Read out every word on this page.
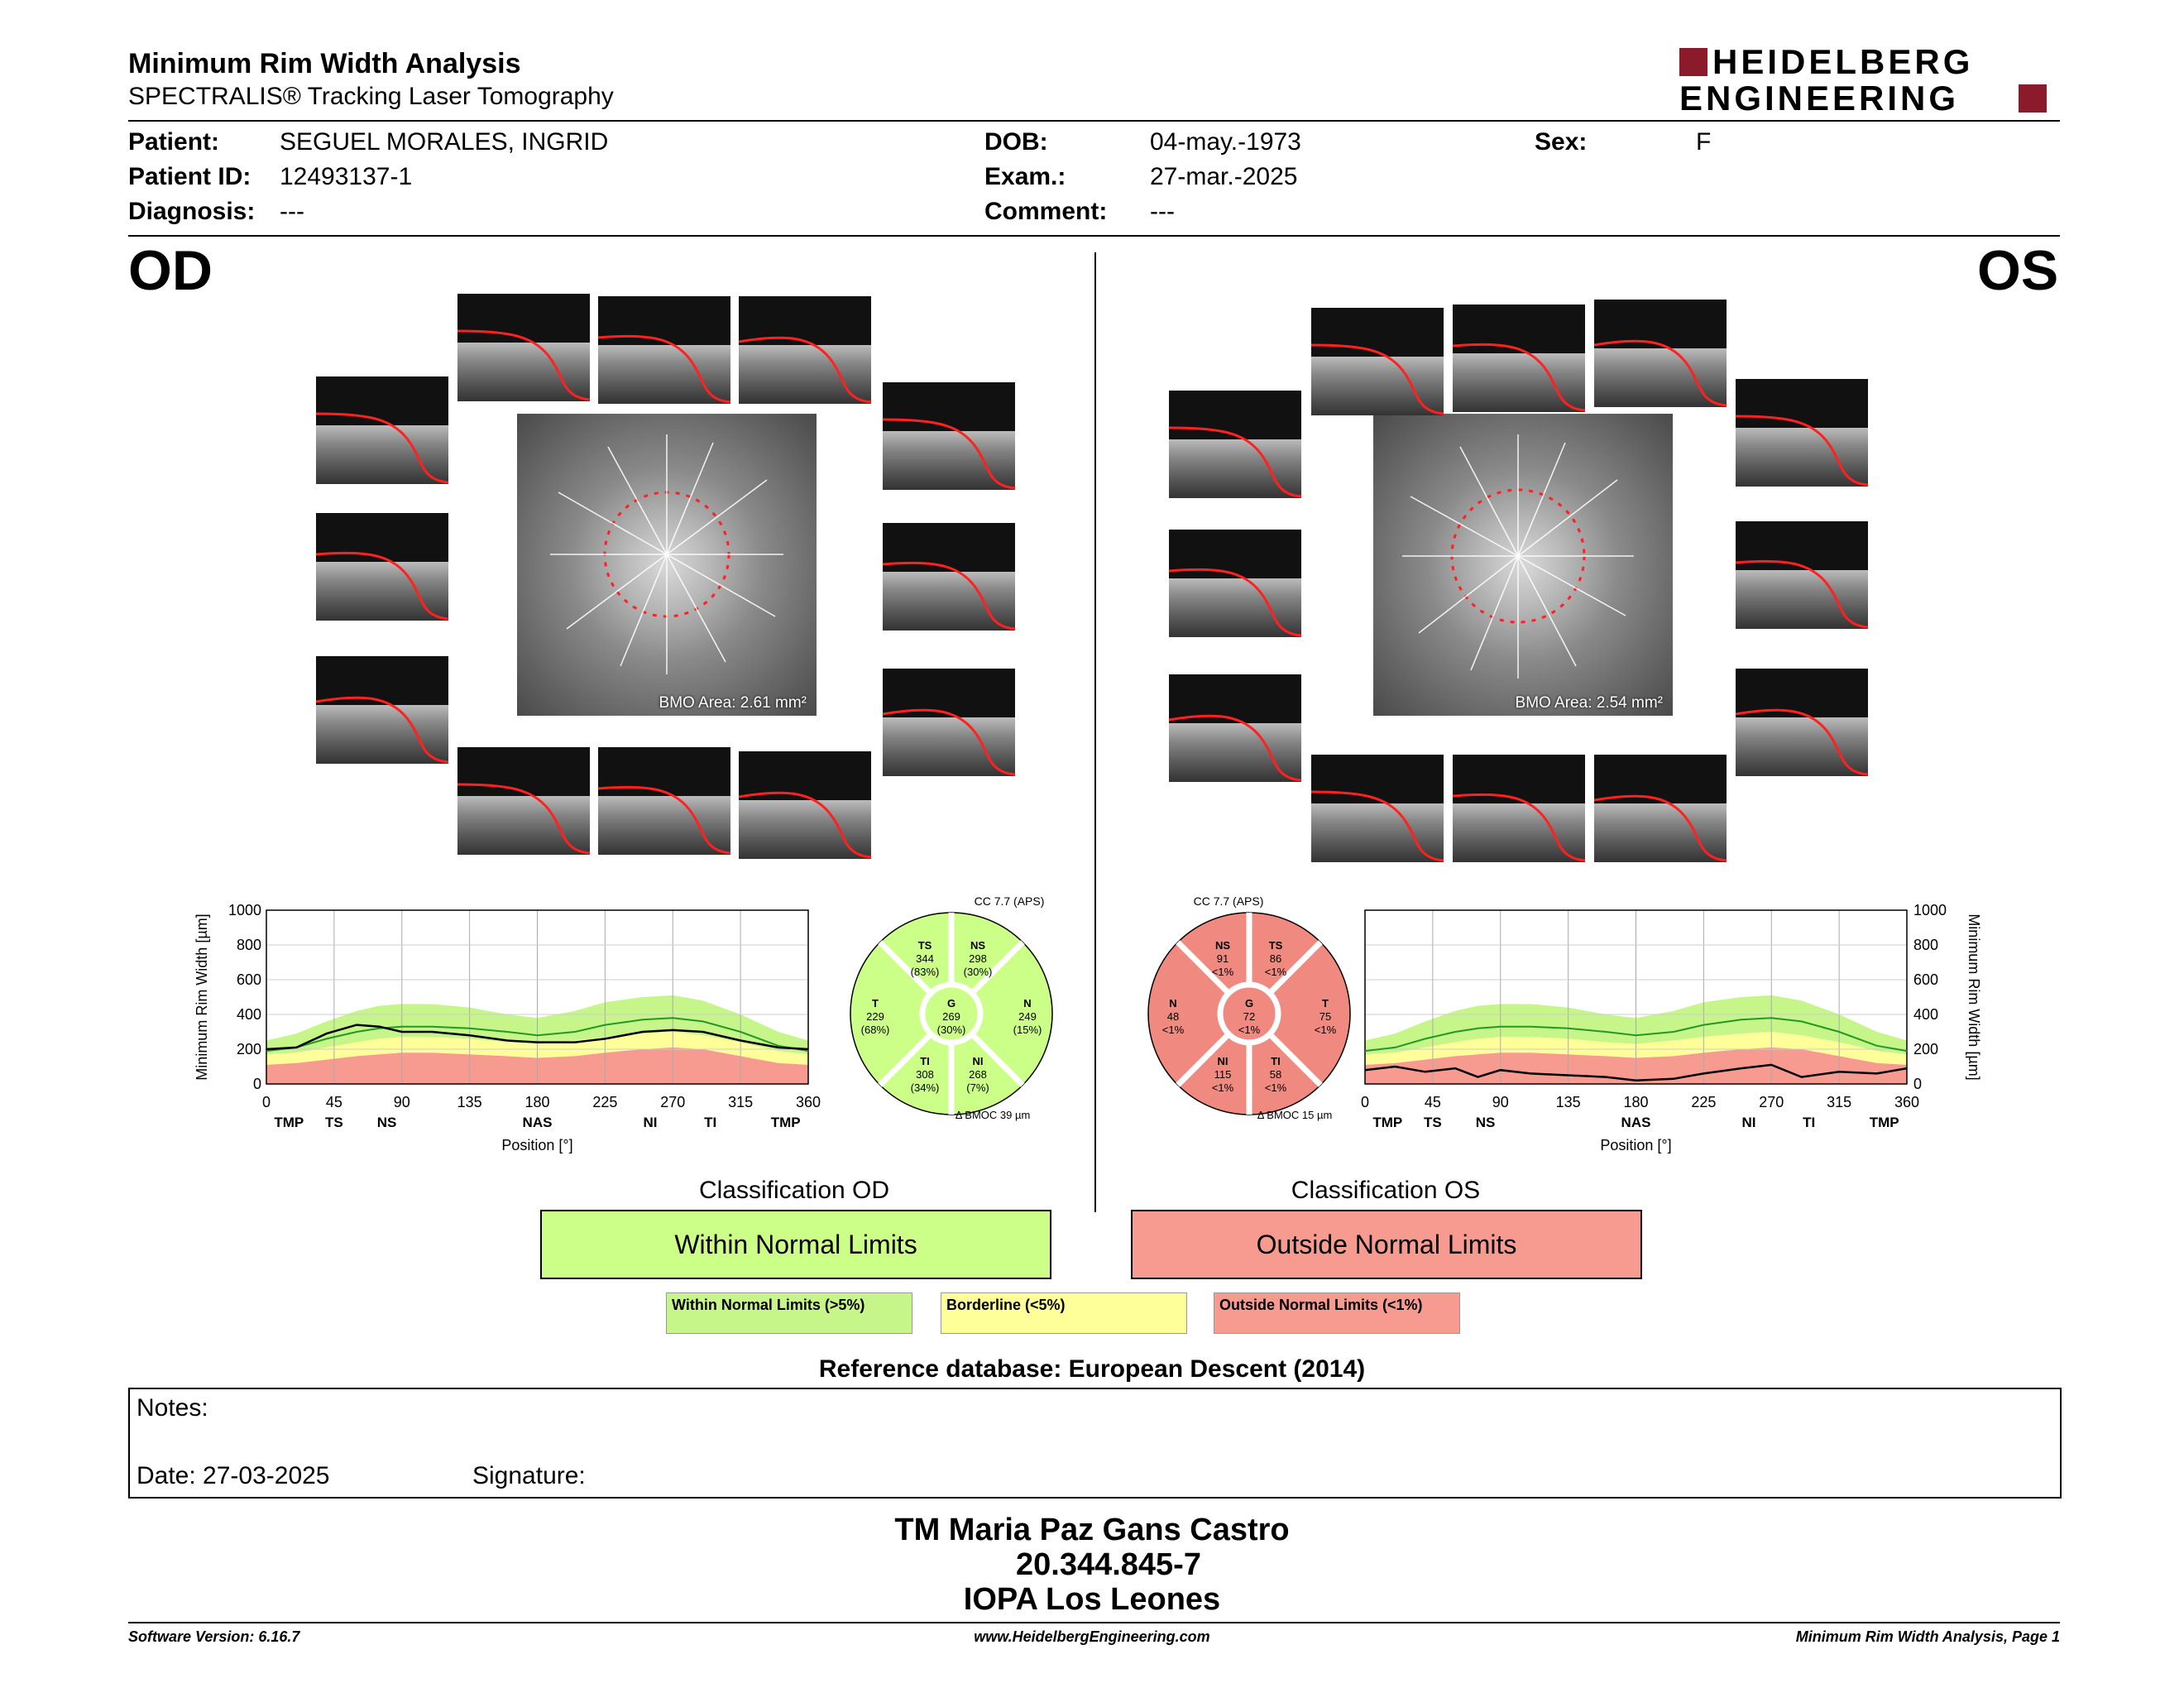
Minimum Rim Width Analysis
SPECTRALIS® Tracking Laser Tomography
HEIDELBERG
ENGINEERING
Patient: SEGUEL MORALES, INGRID
Patient ID: 12493137-1
Diagnosis: ---
DOB:	04-may.-1973
Exam.:	27-mar.-2025
Comment: ---
Sex:	F
OD	OS
BMO Area: 2.61 mm²	BMO Area: 2.54 mm²
0	45	90	135	180	225	270	315	360
0
200
400
600
800
1000
TMP TS NS	NAS	NI	TI	TMP
Position [°]
Minimum Rim Width [µm]
0	45	90	135	180	225	270	315	360
0
200
400
600
800
1000
TMP TS NS	NAS	NI	TI	TMP
Position [°]
Minimum Rim Width [µm]
CC 7.7 (APS)
TS
344
(83%)
NS
298
(30%)
N
249
(15%)
NI
268
(7%)
TI
308
(34%)
T
229
(68%)
G
269
(30%)
Δ BMOC 39 µm
CC 7.7 (APS)
NS
91
<1%
TS
86
<1%
T
75
<1%
TI
58
<1%
NI
115
<1%
N
48
<1%
G
72
<1%
Δ BMOC 15 µm
Classification OD
Within Normal Limits
Classification OS
Outside Normal Limits
Within Normal Limits (>5%)	Borderline (<5%)	Outside Normal Limits (<1%)
Reference database: European Descent (2014)
Notes:
Date: 27-03-2025	Signature:
TM Maria Paz Gans Castro
20.344.845-7
IOPA Los Leones
Software Version: 6.16.7	www.HeidelbergEngineering.com	Minimum Rim Width Analysis, Page 1
